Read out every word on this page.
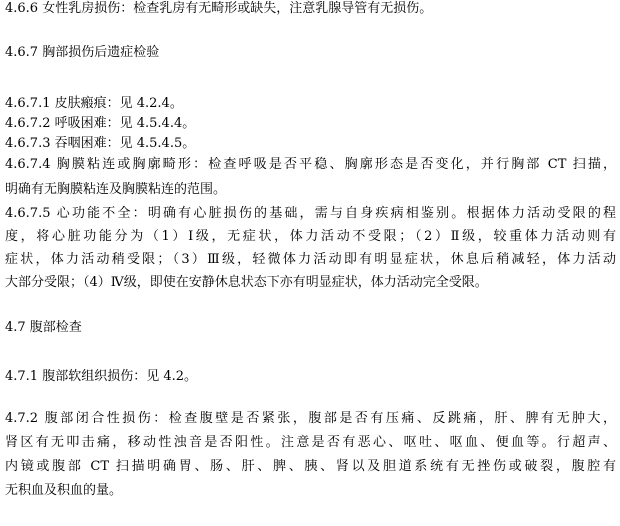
4.6.6 女性乳房损伤：检查乳房有无畸形或缺失，注意乳腺导管有无损伤。
4.6.7 胸部损伤后遗症检验
4.6.7.1 皮肤瘢痕：见 4.2.4。
4.6.7.2 呼吸困难：见 4.5.4.4。
4.6.7.3 吞咽困难：见 4.5.4.5。
4.6.7.4 胸膜粘连或胸廓畸形：检查呼吸是否平稳、胸廓形态是否变化，并行胸部 CT 扫描，
明确有无胸膜粘连及胸膜粘连的范围。
4.6.7.5 心功能不全：明确有心脏损伤的基础，需与自身疾病相鉴别。根据体力活动受限的程
度，将心脏功能分为（1）Ⅰ级，无症状，体力活动不受限；（2）Ⅱ级，较重体力活动则有
症状，体力活动稍受限；（3）Ⅲ级，轻微体力活动即有明显症状，休息后稍减轻，体力活动
大部分受限；（4）Ⅳ级，即使在安静休息状态下亦有明显症状，体力活动完全受限。
4.7 腹部检查
4.7.1 腹部软组织损伤：见 4.2。
4.7.2 腹部闭合性损伤：检查腹壁是否紧张，腹部是否有压痛、反跳痛，肝、脾有无肿大，
肾区有无叩击痛，移动性浊音是否阳性。注意是否有恶心、呕吐、呕血、便血等。行超声、
内镜或腹部 CT 扫描明确胃、肠、肝、脾、胰、肾以及胆道系统有无挫伤或破裂，腹腔有
无积血及积血的量。
